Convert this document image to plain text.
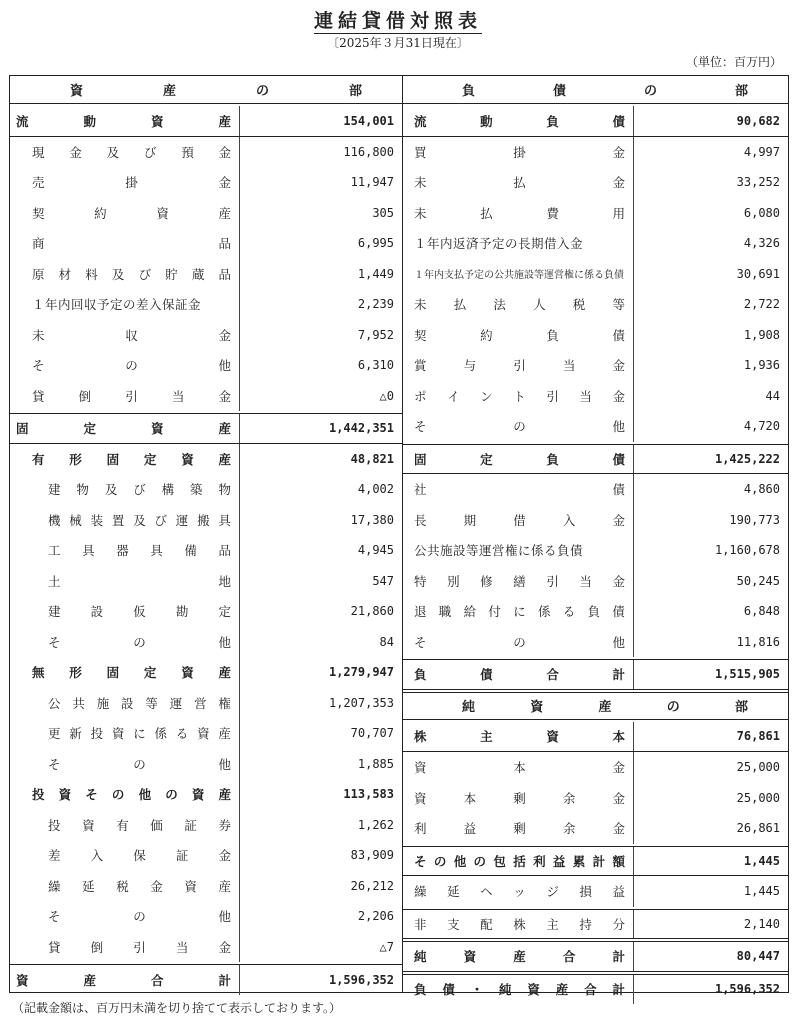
連結貸借対照表
〔2025年３月31日現在〕
（単位：百万円）
資	産	の	部
流	動	資	産	154,001
現 金 及 び 預 金	116,800
売	掛	金	11,947
契	約	資	産	305
商	品	6,995
原 材 料 及 び 貯 蔵 品	1,449
１年内回収予定の差入保証金	2,239
未	収	金	7,952
そ	の	他	6,310
貸	倒	引	当	金	△0
固	定	資	産	1,442,351
有 形 固 定 資 産	48,821
建 物 及 び 構 築 物	4,002
機 械 装 置 及 び 運 搬 具	17,380
工 具 器 具 備 品	4,945
土	地	547
建 設 仮 勘 定	21,860
そ	の	他	84
無 形 固 定 資 産	1,279,947
公 共 施 設 等 運 営 権	1,207,353
更 新 投 資 に 係 る 資 産	70,707
そ	の	他	1,885
投 資 そ の 他 の 資 産	113,583
投 資 有 価 証 券	1,262
差 入 保 証 金	83,909
繰 延 税 金 資 産	26,212
そ	の	他	2,206
貸 倒 引 当 金	△7
資	産	合	計	1,596,352
負	債	の	部
流	動	負	債	90,682
買	掛	金	4,997
未	払	金	33,252
未	払	費	用	6,080
１年内返済予定の長期借入金	4,326
１年内支払予定の公共施設等運営権に係る負債	30,691
未 払 法 人 税 等	2,722
契	約	負	債	1,908
賞	与	引	当	金	1,936
ポ イ ン ト 引 当 金	44
そ	の	他	4,720
固	定	負	債	1,425,222
社	債	4,860
長	期	借	入	金	190,773
公共施設等運営権に係る負債	1,160,678
特 別 修 繕 引 当 金	50,245
退 職 給 付 に 係 る 負 債	6,848
そ	の	他	11,816
負	債	合	計	1,515,905
純	資	産	の	部
株	主	資	本	76,861
資	本	金	25,000
資	本	剰	余	金	25,000
利	益	剰	余	金	26,861
そ の 他 の 包 括 利 益 累 計 額	1,445
繰 延 ヘ ッ ジ 損 益	1,445
非 支 配 株 主 持 分	2,140
純	資	産	合	計	80,447
負 債 ・ 純 資 産 合 計	1,596,352
（記載金額は、百万円未満を切り捨てて表示しております。）
